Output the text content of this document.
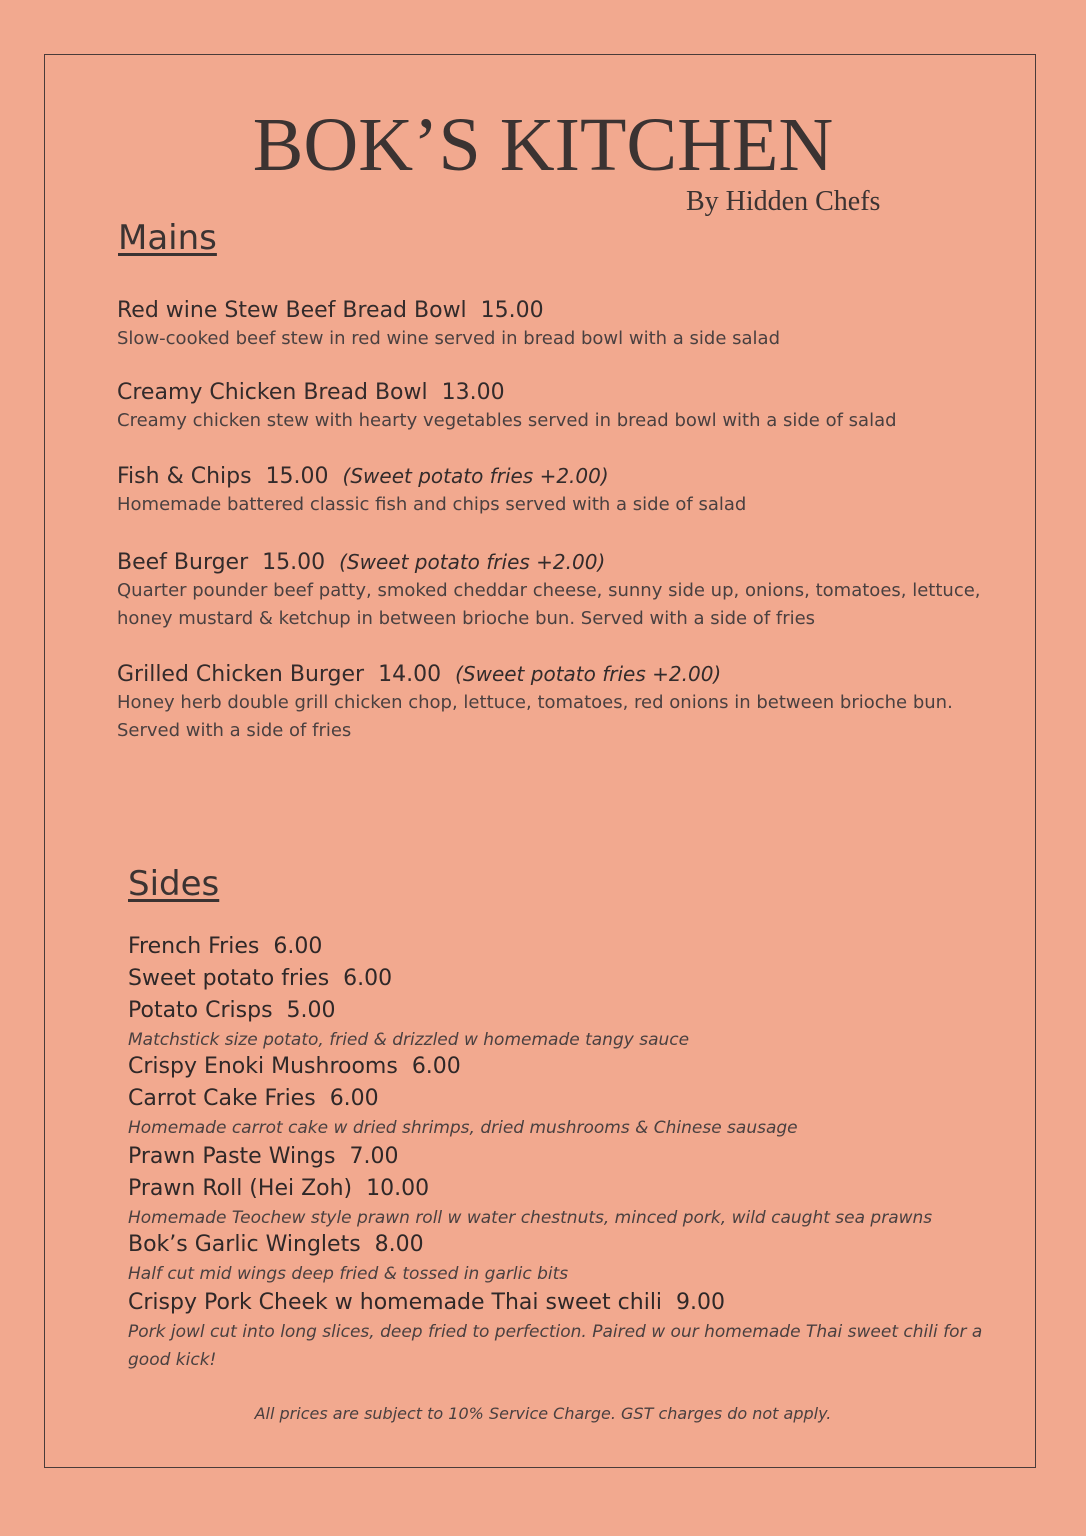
BOK’S KITCHEN
By Hidden Chefs
Mains
Red wine Stew Beef Bread Bowl 15.00
Slow-cooked beef stew in red wine served in bread bowl with a side salad
Creamy Chicken Bread Bowl 13.00
Creamy chicken stew with hearty vegetables served in bread bowl with a side of salad
Fish & Chips 15.00 (Sweet potato fries +2.00)
Homemade battered classic fish and chips served with a side of salad
Beef Burger 15.00 (Sweet potato fries +2.00)
Quarter pounder beef patty, smoked cheddar cheese, sunny side up, onions, tomatoes, lettuce, honey mustard & ketchup in between brioche bun. Served with a side of fries
Grilled Chicken Burger 14.00 (Sweet potato fries +2.00)
Honey herb double grill chicken chop, lettuce, tomatoes, red onions in between brioche bun. Served with a side of fries
Sides
French Fries 6.00
Sweet potato fries 6.00
Potato Crisps 5.00
Matchstick size potato, fried & drizzled w homemade tangy sauce
Crispy Enoki Mushrooms 6.00
Carrot Cake Fries 6.00
Homemade carrot cake w dried shrimps, dried mushrooms & Chinese sausage
Prawn Paste Wings 7.00
Prawn Roll (Hei Zoh) 10.00
Homemade Teochew style prawn roll w water chestnuts, minced pork, wild caught sea prawns
Bok’s Garlic Winglets 8.00
Half cut mid wings deep fried & tossed in garlic bits
Crispy Pork Cheek w homemade Thai sweet chili 9.00
Pork jowl cut into long slices, deep fried to perfection. Paired w our homemade Thai sweet chili for a good kick!
All prices are subject to 10% Service Charge. GST charges do not apply.
